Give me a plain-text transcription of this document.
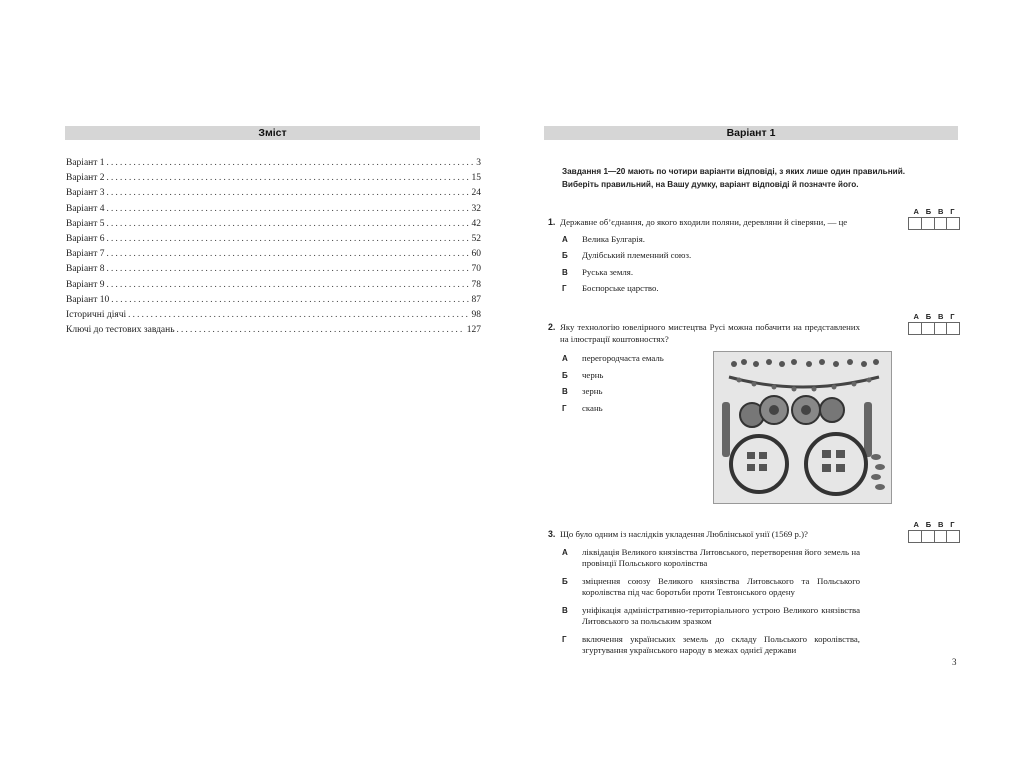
Зміст
Варіант 1 . . .	3
Варіант 2 . . .	15
Варіант 3 . . .	24
Варіант 4 . . .	32
Варіант 5 . . .	42
Варіант 6 . . .	52
Варіант 7 . . .	60
Варіант 8 . . .	70
Варіант 9 . . .	78
Варіант 10 . . .	87
Історичні діячі . . .	98
Ключі до тестових завдань . . .	127
Варіант 1
Завдання 1—20 мають по чотири варіанти відповіді, з яких лише один правильний. Виберіть правильний, на Вашу думку, варіант відповіді й позначте його.
А Б В Г
1. Державне об’єднання, до якого входили поляни, деревляни й сіверяни, — це
А	Велика Булгарія.
Б	Дулібський племенний союз.
В	Руська земля.
Г	Боспорське царство.
А Б В Г
2. Яку технологію ювелірного мистецтва Русі можна побачити на представлених на ілюстрації коштовностях?
А	перегородчаста емаль
Б	чернь
В	зернь
Г	скань
А Б В Г
3. Що було одним із наслідків укладення Люблінської унії (1569 р.)?
А	ліквідація Великого князівства Литовського, перетворення його земель на провінції Польського королівства
Б	зміцнення союзу Великого князівства Литовського та Польського королівства під час боротьби проти Тевтонського ордену
В	уніфікація адміністративно-територіального устрою Великого князівства Литовського за польським зразком
Г	включення українських земель до складу Польського королівства, згуртування українського народу в межах однієї держави
3
